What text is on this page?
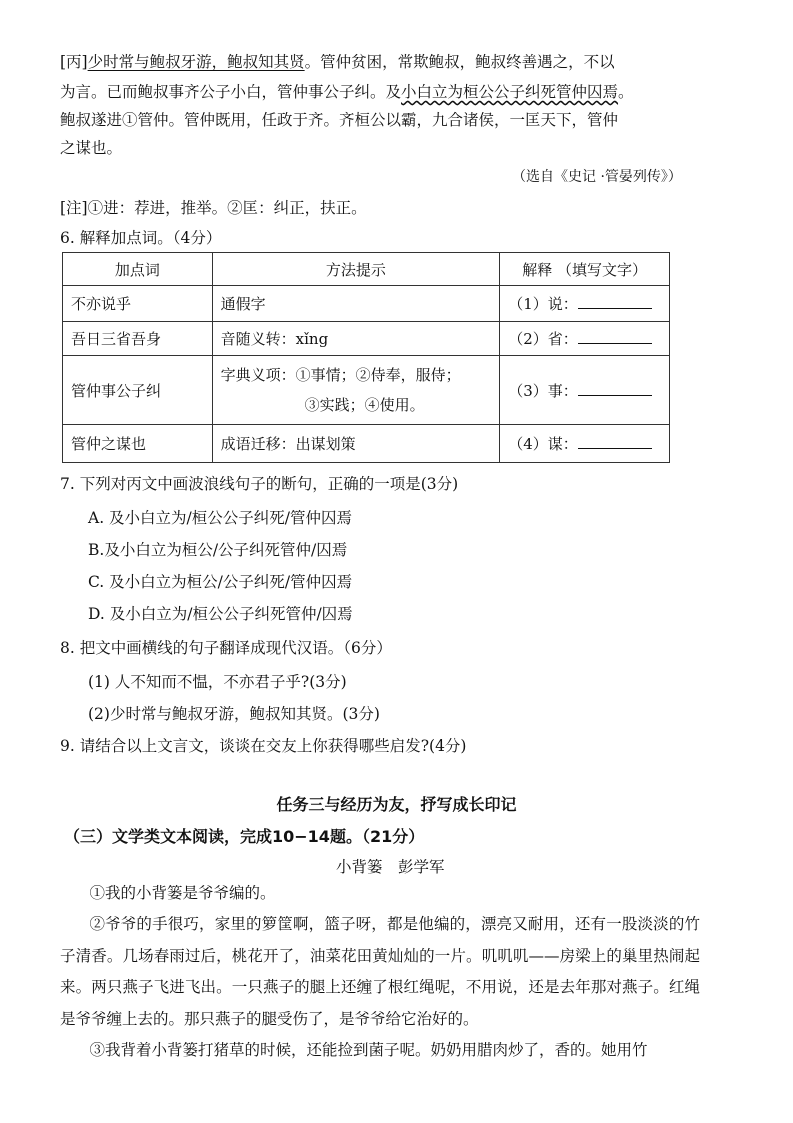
[丙]少时常与鲍叔牙游，鲍叔知其贤。管仲贫困，常欺鲍叔，鲍叔终善遇之，不以
为言。已而鲍叔事齐公子小白，管仲事公子纠。及小白立为桓公公子纠死管仲囚焉。
鲍叔遂进①管仲。管仲既用，任政于齐。齐桓公以霸，九合诸侯，一匡天下，管仲
之谋也。
（选自《史记 ·管晏列传》）
[注]①进：荐进，推举。②匡：纠正，扶正。
6. 解释加点词。（4分）
加点词	方法提示	解释 （填写文字）
不亦说乎	通假字	（1）说：
吾日三省吾身	音随义转：xǐng	（2）省：
管仲事公子纠	字典义项：①事情；②侍奉，服侍；
③实践；④使用。	（3）事：
管仲之谋也	成语迁移：出谋划策	（4）谋：
7. 下列对丙文中画波浪线句子的断句，正确的一项是(3分)
A. 及小白立为/桓公公子纠死/管仲囚焉
B.及小白立为桓公/公子纠死管仲/囚焉
C. 及小白立为桓公/公子纠死/管仲囚焉
D. 及小白立为/桓公公子纠死管仲/囚焉
8. 把文中画横线的句子翻译成现代汉语。（6分）
(1) 人不知而不愠，不亦君子乎?(3分)
(2)少时常与鲍叔牙游，鲍叔知其贤。(3分)
9. 请结合以上文言文，谈谈在交友上你获得哪些启发?(4分)
任务三与经历为友，抒写成长印记
（三）文学类文本阅读，完成10−14题。（21分）
小背篓　彭学军
①我的小背篓是爷爷编的。
②爷爷的手很巧，家里的箩筐啊，篮子呀，都是他编的，漂亮又耐用，还有一股淡淡的竹子清香。几场春雨过后，桃花开了，油菜花田黄灿灿的一片。叽叽叽——房梁上的巢里热闹起来。两只燕子飞进飞出。一只燕子的腿上还缠了根红绳呢，不用说，还是去年那对燕子。红绳是爷爷缠上去的。那只燕子的腿受伤了，是爷爷给它治好的。
③我背着小背篓打猪草的时候，还能捡到菌子呢。奶奶用腊肉炒了，香的。她用竹
